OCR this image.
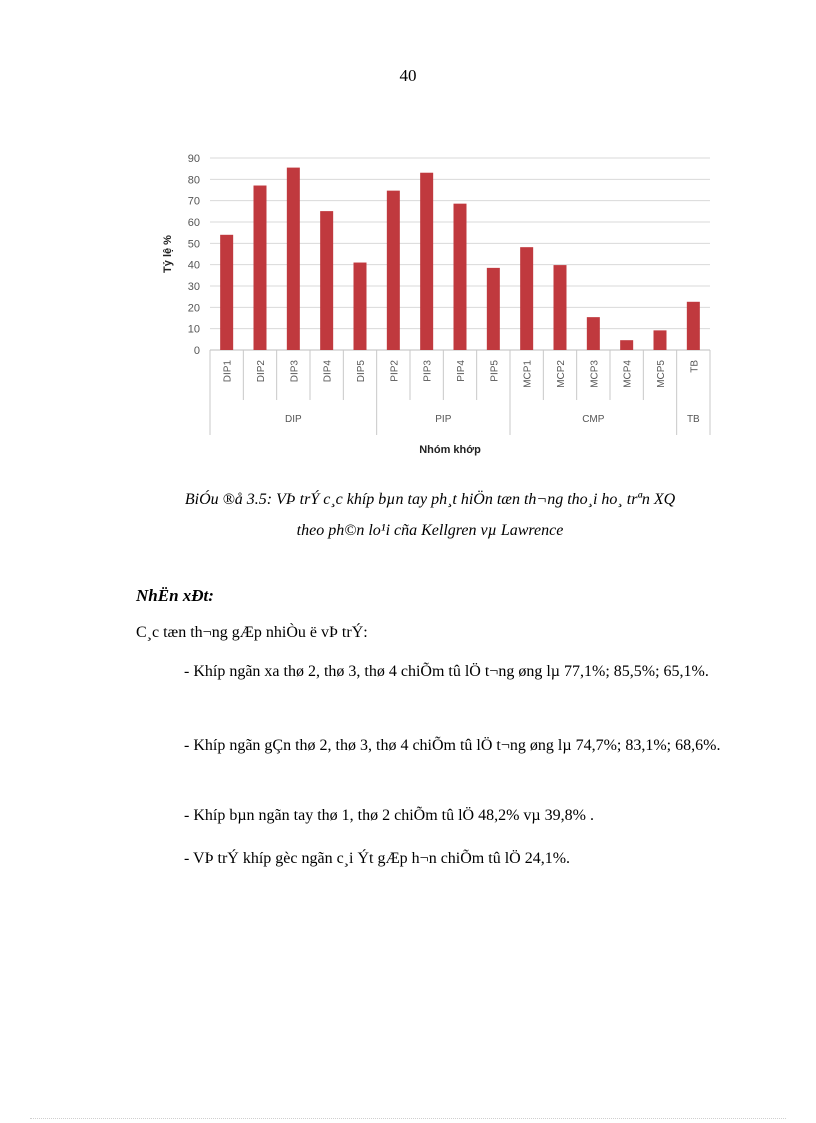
40
0
10
20
30
40
50
60
70
80
90
Tỷ lệ %
DIP1 DIP2 DIP3 DIP4 DIP5 PIP2 PIP3 PIP4 PIP5 MCP1 MCP2 MCP3 MCP4 MCP5 TB
DIP	PIP	CMP	TB
Nhóm khớp
BiÓu ®å 3.5: VÞ trÝ c¸c khíp bµn tay ph¸t hiÖn tæn th¬ng tho¸i ho¸ trªn XQ
theo ph©n lo¹i cña Kellgren vµ Lawrence
NhËn xÐt:
C¸c tæn th¬ng gÆp nhiÒu ë vÞ trÝ:
- Khíp ngãn xa thø 2, thø 3, thø 4 chiÕm tû lÖ t¬ng øng lµ 77,1%; 85,5%; 65,1%.
- Khíp ngãn gÇn thø 2, thø 3, thø 4 chiÕm tû lÖ t¬ng øng lµ 74,7%; 83,1%; 68,6%.
- Khíp bµn ngãn tay thø 1, thø 2 chiÕm tû lÖ 48,2% vµ 39,8% .
- VÞ trÝ khíp gèc ngãn c¸i Ýt gÆp h¬n chiÕm tû lÖ 24,1%.
